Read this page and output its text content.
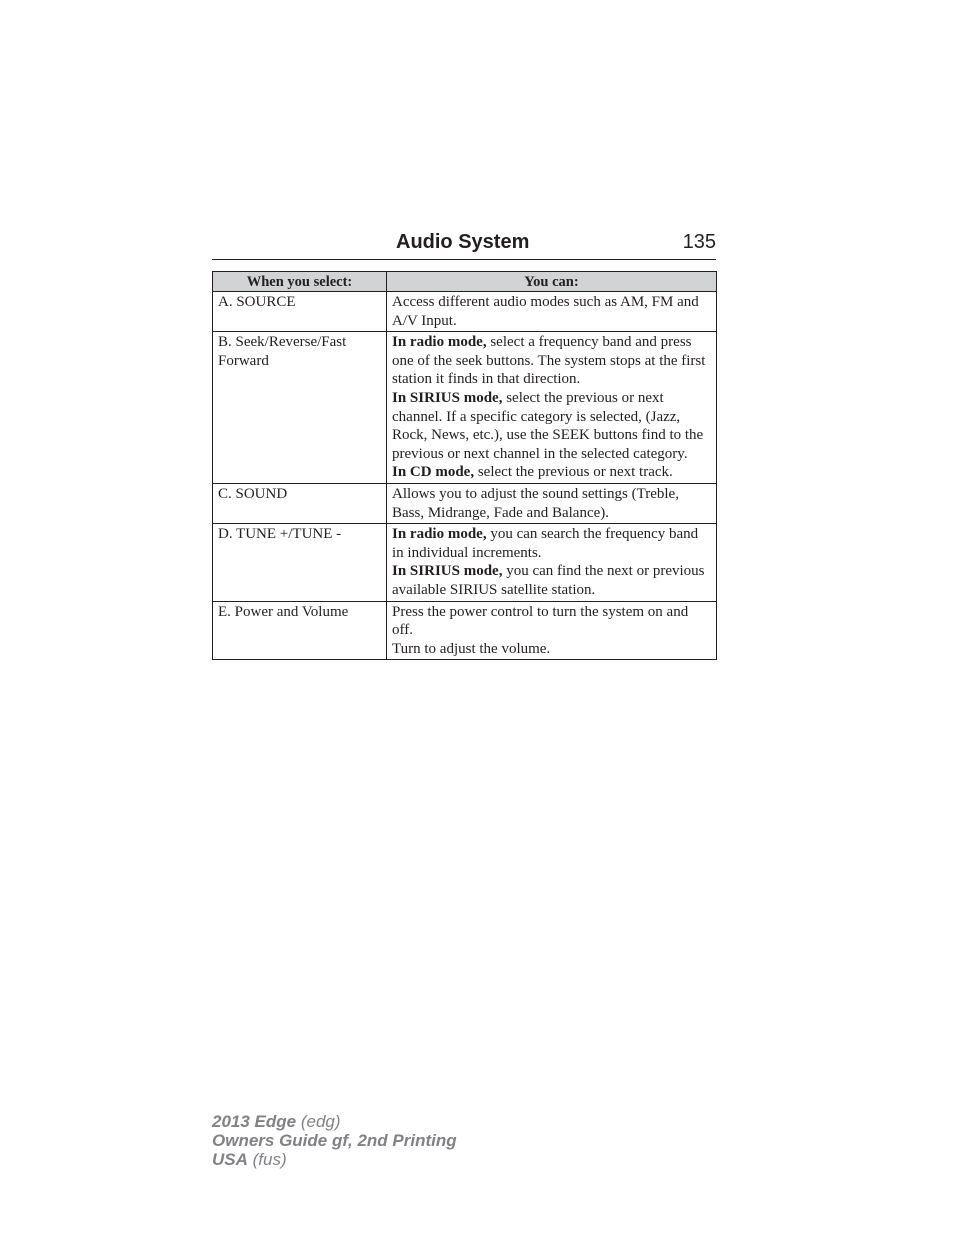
Audio System	135
When you select:	You can:
A. SOURCE	Access different audio modes such as AM, FM and A/V Input.

B. Seek/Reverse/Fast Forward	In radio mode, select a frequency band and press one of the seek buttons. The system stops at the first station it finds in that direction.
In SIRIUS mode, select the previous or next channel. If a specific category is selected, (Jazz, Rock, News, etc.), use the SEEK buttons find to the previous or next channel in the selected category.
In CD mode, select the previous or next track.

C. SOUND	Allows you to adjust the sound settings (Treble, Bass, Midrange, Fade and Balance).

D. TUNE +/TUNE -	In radio mode, you can search the frequency band in individual increments.
In SIRIUS mode, you can find the next or previous available SIRIUS satellite station.

E. Power and Volume	Press the power control to turn the system on and off.
Turn to adjust the volume.
2013 Edge (edg)
Owners Guide gf, 2nd Printing
USA (fus)
